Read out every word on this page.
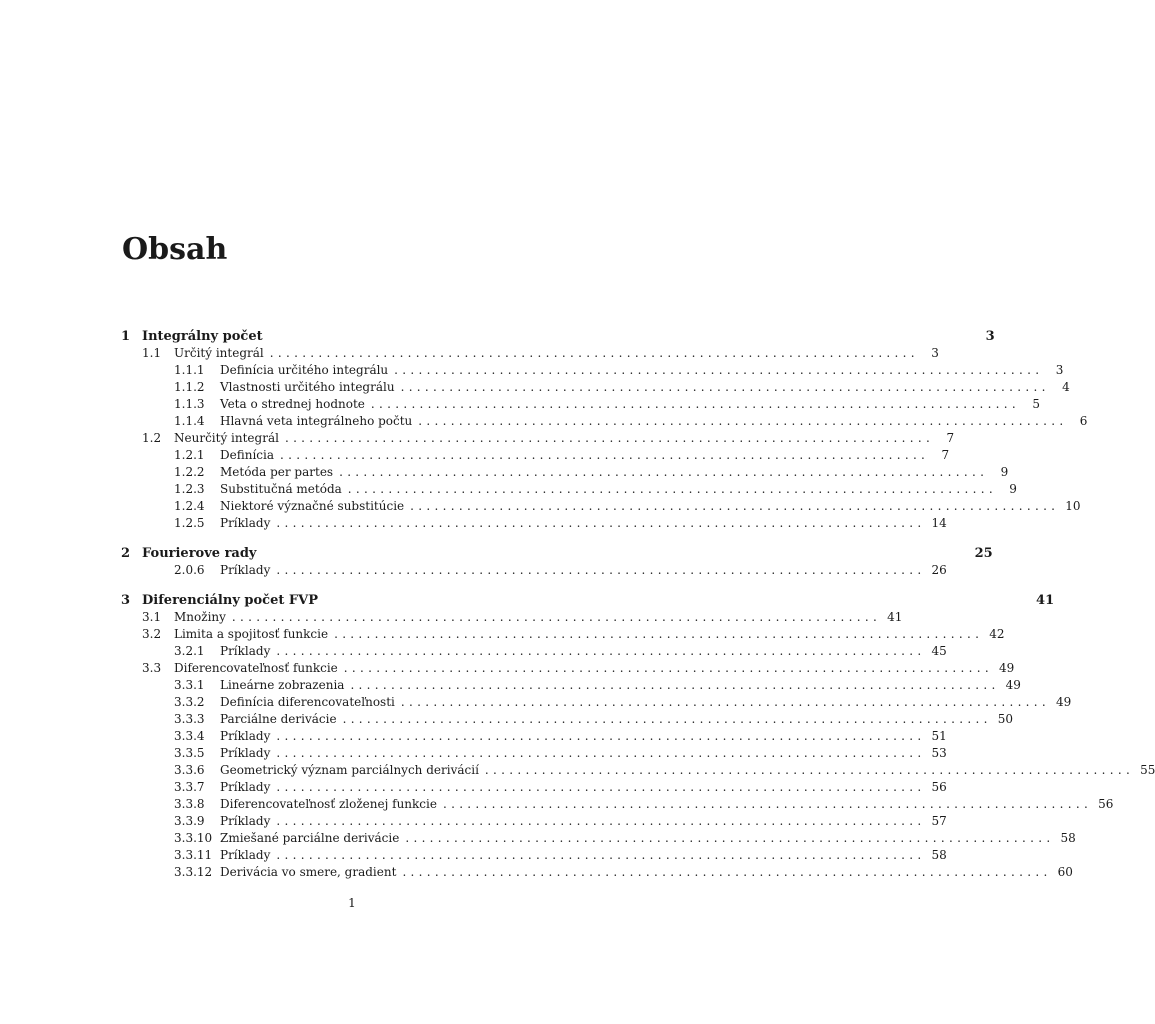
Obsah
1 Integrálny počet	3
1.1	Určitý integrál ................................................................................	3
1.1.1	Definícia určitého integrálu ................................................................................	3
1.1.2	Vlastnosti určitého integrálu ................................................................................	4
1.1.3	Veta o strednej hodnote ................................................................................	5
1.1.4	Hlavná veta integrálneho počtu ................................................................................	6
1.2	Neurčitý integrál ................................................................................	7
1.2.1	Definícia ................................................................................	7
1.2.2	Metóda per partes ................................................................................	9
1.2.3	Substitučná metóda ................................................................................	9
1.2.4	Niektoré význačné substitúcie ................................................................................ 10
1.2.5	Príklady ................................................................................ 14
2 Fourierove rady	25
2.0.6	Príklady ................................................................................ 26
3 Diferenciálny počet FVP	41
3.1	Množiny ................................................................................ 41
3.2	Limita a spojitosť funkcie ................................................................................ 42
3.2.1	Príklady ................................................................................ 45
3.3	Diferencovateľnosť funkcie ................................................................................ 49
3.3.1	Lineárne zobrazenia ................................................................................ 49
3.3.2	Definícia diferencovateľnosti ................................................................................ 49
3.3.3	Parciálne derivácie ................................................................................ 50
3.3.4	Príklady ................................................................................ 51
3.3.5	Príklady ................................................................................ 53
3.3.6	Geometrický význam parciálnych derivácií ................................................................................ 55
3.3.7	Príklady ................................................................................ 56
3.3.8	Diferencovateľnosť zloženej funkcie ................................................................................ 56
3.3.9	Príklady ................................................................................ 57
3.3.10 Zmiešané parciálne derivácie ................................................................................ 58
3.3.11 Príklady ................................................................................ 58
3.3.12 Derivácia vo smere, gradient ................................................................................ 60
1
